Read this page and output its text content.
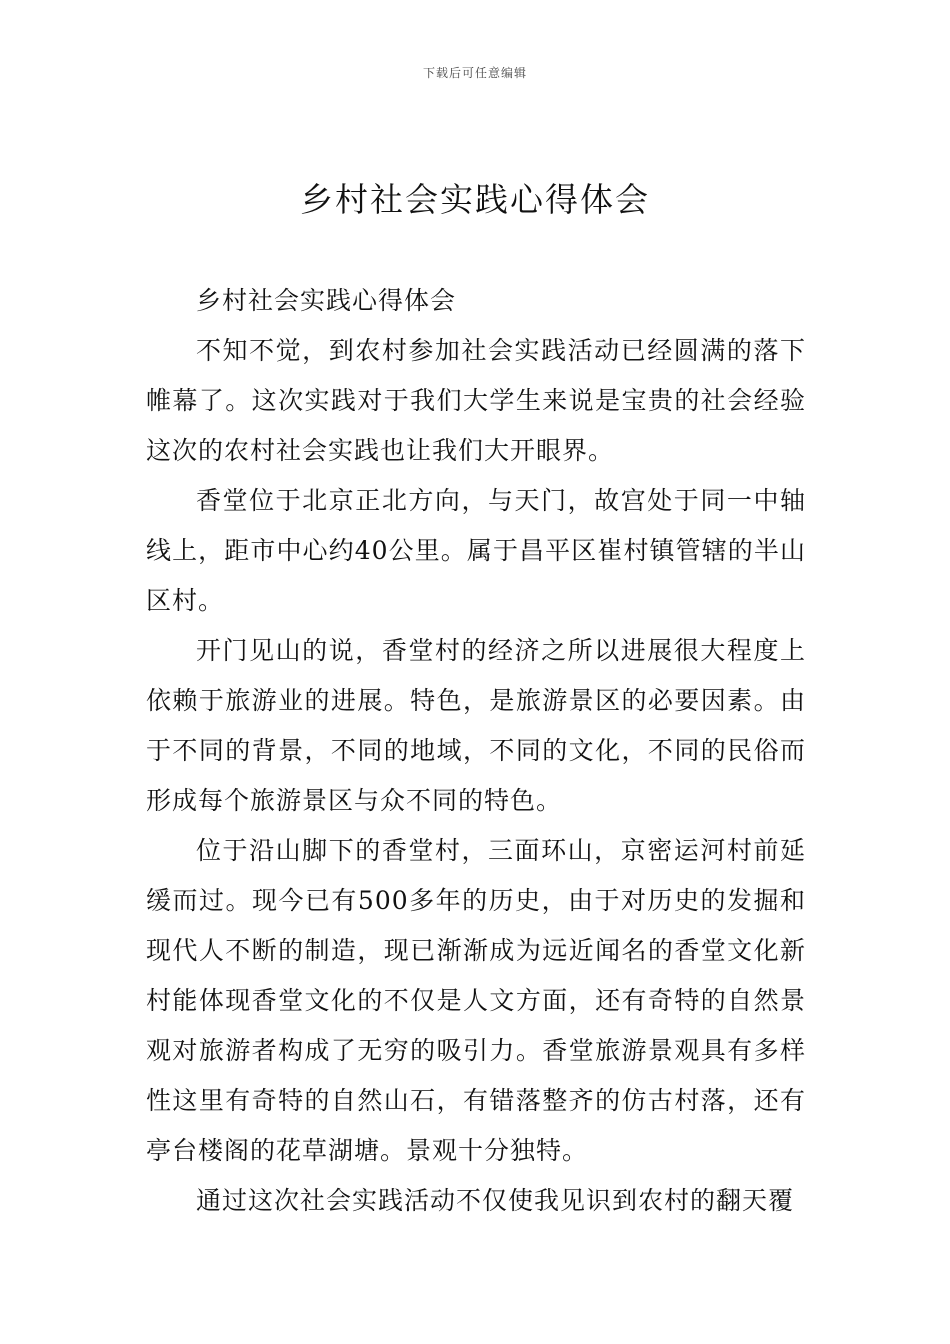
下载后可任意编辑
乡村社会实践心得体会

乡村社会实践心得体会

不知不觉，到农村参加社会实践活动已经圆满的落下帷幕了。这次实践对于我们大学生来说是宝贵的社会经验这次的农村社会实践也让我们大开眼界。

香堂位于北京正北方向，与天门，故宫处于同一中轴线上，距市中心约40公里。属于昌平区崔村镇管辖的半山区村。

开门见山的说，香堂村的经济之所以进展很大程度上依赖于旅游业的进展。特色，是旅游景区的必要因素。由于不同的背景，不同的地域，不同的文化，不同的民俗而形成每个旅游景区与众不同的特色。

位于沿山脚下的香堂村，三面环山，京密运河村前延缓而过。现今已有500多年的历史，由于对历史的发掘和现代人不断的制造，现已渐渐成为远近闻名的香堂文化新村能体现香堂文化的不仅是人文方面，还有奇特的自然景观对旅游者构成了无穷的吸引力。香堂旅游景观具有多样性这里有奇特的自然山石，有错落整齐的仿古村落，还有亭台楼阁的花草湖塘。景观十分独特。

通过这次社会实践活动不仅使我见识到农村的翻天覆
